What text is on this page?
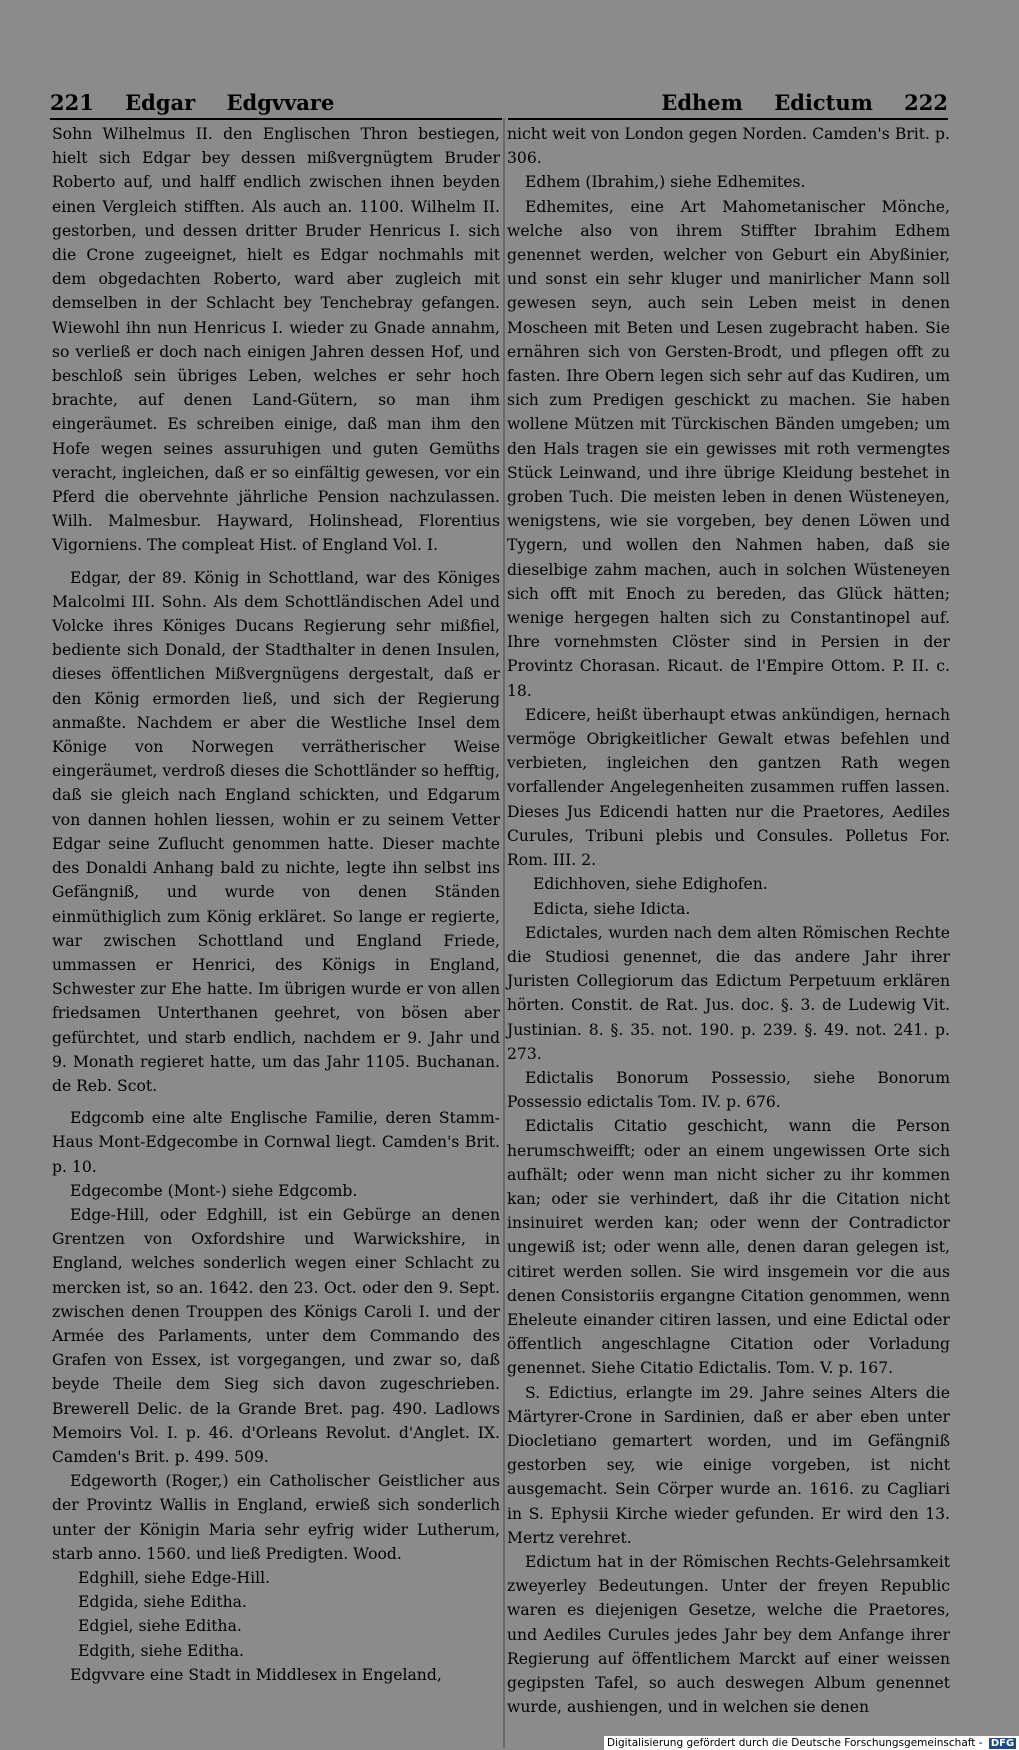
221 Edgar Edgvvare	Edhem Edictum 222

Sohn Wilhelmus II. den Englischen Thron bestiegen, hielt sich Edgar bey dessen mißvergnügtem Bruder Roberto auf, und halff endlich zwischen ihnen beyden einen Vergleich stifften. Als auch an. 1100. Wilhelm II. gestorben, und dessen dritter Bruder Henricus I. sich die Crone zugeeignet, hielt es Edgar nochmahls mit dem obgedachten Roberto, ward aber zugleich mit demselben in der Schlacht bey Tenchebray gefangen. Wiewohl ihn nun Henricus I. wieder zu Gnade annahm, so verließ er doch nach einigen Jahren dessen Hof, und beschloß sein übriges Leben, welches er sehr hoch brachte, auf denen Land-Gütern, so man ihm eingeräumet. Es schreiben einige, daß man ihm den Hofe wegen seines assuruhigen und guten Gemüths veracht, ingleichen, daß er so einfältig gewesen, vor ein Pferd die obervehnte jährliche Pension nachzulassen. Wilh. Malmesbur. Hayward, Holinshead, Florentius Vigorniens. The compleat Hist. of England Vol. I.

Edgar, der 89. König in Schottland, war des Königes Malcolmi III. Sohn. Als dem Schottländischen Adel und Volcke ihres Königes Ducans Regierung sehr mißfiel, bediente sich Donald, der Stadthalter in denen Insulen, dieses öffentlichen Mißvergnügens dergestalt, daß er den König ermorden ließ, und sich der Regierung anmaßte. Nachdem er aber die Westliche Insel dem Könige von Norwegen verrätherischer Weise eingeräumet, verdroß dieses die Schottländer so hefftig, daß sie gleich nach England schickten, und Edgarum von dannen hohlen liessen, wohin er zu seinem Vetter Edgar seine Zuflucht genommen hatte. Dieser machte des Donaldi Anhang bald zu nichte, legte ihn selbst ins Gefängniß, und wurde von denen Ständen einmüthiglich zum König erkläret. So lange er regierte, war zwischen Schottland und England Friede, ummassen er Henrici, des Königs in England, Schwester zur Ehe hatte. Im übrigen wurde er von allen friedsamen Unterthanen geehret, von bösen aber gefürchtet, und starb endlich, nachdem er 9. Jahr und 9. Monath regieret hatte, um das Jahr 1105. Buchanan. de Reb. Scot.

Edgcomb eine alte Englische Familie, deren Stamm-Haus Mont-Edgecombe in Cornwal liegt. Camden's Brit. p. 10.

Edgecombe (Mont-) siehe Edgcomb.

Edge-Hill, oder Edghill, ist ein Gebürge an denen Grentzen von Oxfordshire und Warwickshire, in England, welches sonderlich wegen einer Schlacht zu mercken ist, so an. 1642. den 23. Oct. oder den 9. Sept. zwischen denen Trouppen des Königs Caroli I. und der Armée des Parlaments, unter dem Commando des Grafen von Essex, ist vorgegangen, und zwar so, daß beyde Theile dem Sieg sich davon zugeschrieben. Brewerell Delic. de la Grande Bret. pag. 490. Ladlows Memoirs Vol. I. p. 46. d'Orleans Revolut. d'Anglet. IX. Camden's Brit. p. 499. 509.

Edgeworth (Roger,) ein Catholischer Geistlicher aus der Provintz Wallis in England, erwieß sich sonderlich unter der Königin Maria sehr eyfrig wider Lutherum, starb anno. 1560. und ließ Predigten. Wood.

Edghill, siehe Edge-Hill.

Edgida, siehe Editha.

Edgiel, siehe Editha.

Edgith, siehe Editha.

Edgvvare eine Stadt in Middlesex in Engeland,

nicht weit von London gegen Norden. Camden's Brit. p. 306.

Edhem (Ibrahim,) siehe Edhemites.

Edhemites, eine Art Mahometanischer Mönche, welche also von ihrem Stiffter Ibrahim Edhem genennet werden, welcher von Geburt ein Abyßinier, und sonst ein sehr kluger und manirlicher Mann soll gewesen seyn, auch sein Leben meist in denen Moscheen mit Beten und Lesen zugebracht haben. Sie ernähren sich von Gersten-Brodt, und pflegen offt zu fasten. Ihre Obern legen sich sehr auf das Kudiren, um sich zum Predigen geschickt zu machen. Sie haben wollene Mützen mit Türckischen Bänden umgeben; um den Hals tragen sie ein gewisses mit roth vermengtes Stück Leinwand, und ihre übrige Kleidung bestehet in groben Tuch. Die meisten leben in denen Wüsteneyen, wenigstens, wie sie vorgeben, bey denen Löwen und Tygern, und wollen den Nahmen haben, daß sie dieselbige zahm machen, auch in solchen Wüsteneyen sich offt mit Enoch zu bereden, das Glück hätten; wenige hergegen halten sich zu Constantinopel auf. Ihre vornehmsten Clöster sind in Persien in der Provintz Chorasan. Ricaut. de l'Empire Ottom. P. II. c. 18.

Edicere, heißt überhaupt etwas ankündigen, hernach vermöge Obrigkeitlicher Gewalt etwas befehlen und verbieten, ingleichen den gantzen Rath wegen vorfallender Angelegenheiten zusammen ruffen lassen. Dieses Jus Edicendi hatten nur die Praetores, Aediles Curules, Tribuni plebis und Consules. Polletus For. Rom. III. 2.

Edichhoven, siehe Edighofen.

Edicta, siehe Idicta.

Edictales, wurden nach dem alten Römischen Rechte die Studiosi genennet, die das andere Jahr ihrer Juristen Collegiorum das Edictum Perpetuum erklären hörten. Constit. de Rat. Jus. doc. §. 3. de Ludewig Vit. Justinian. 8. §. 35. not. 190. p. 239. §. 49. not. 241. p. 273.

Edictalis Bonorum Possessio, siehe Bonorum Possessio edictalis Tom. IV. p. 676.

Edictalis Citatio geschicht, wann die Person herumschweifft; oder an einem ungewissen Orte sich aufhält; oder wenn man nicht sicher zu ihr kommen kan; oder sie verhindert, daß ihr die Citation nicht insinuiret werden kan; oder wenn der Contradictor ungewiß ist; oder wenn alle, denen daran gelegen ist, citiret werden sollen. Sie wird insgemein vor die aus denen Consistoriis ergangne Citation genommen, wenn Eheleute einander citiren lassen, und eine Edictal oder öffentlich angeschlagne Citation oder Vorladung genennet. Siehe Citatio Edictalis. Tom. V. p. 167.

S. Edictius, erlangte im 29. Jahre seines Alters die Märtyrer-Crone in Sardinien, daß er aber eben unter Diocletiano gemartert worden, und im Gefängniß gestorben sey, wie einige vorgeben, ist nicht ausgemacht. Sein Cörper wurde an. 1616. zu Cagliari in S. Ephysii Kirche wieder gefunden. Er wird den 13. Mertz verehret.

Edictum hat in der Römischen Rechts-Gelehrsamkeit zweyerley Bedeutungen. Unter der freyen Republic waren es diejenigen Gesetze, welche die Praetores, und Aediles Curules jedes Jahr bey dem Anfange ihrer Regierung auf öffentlichem Marckt auf einer weissen gegipsten Tafel, so auch deswegen Album genennet wurde, aushiengen, und in welchen sie denen

Digitalisierung gefördert durch die Deutsche Forschungsgemeinschaft - DFG
